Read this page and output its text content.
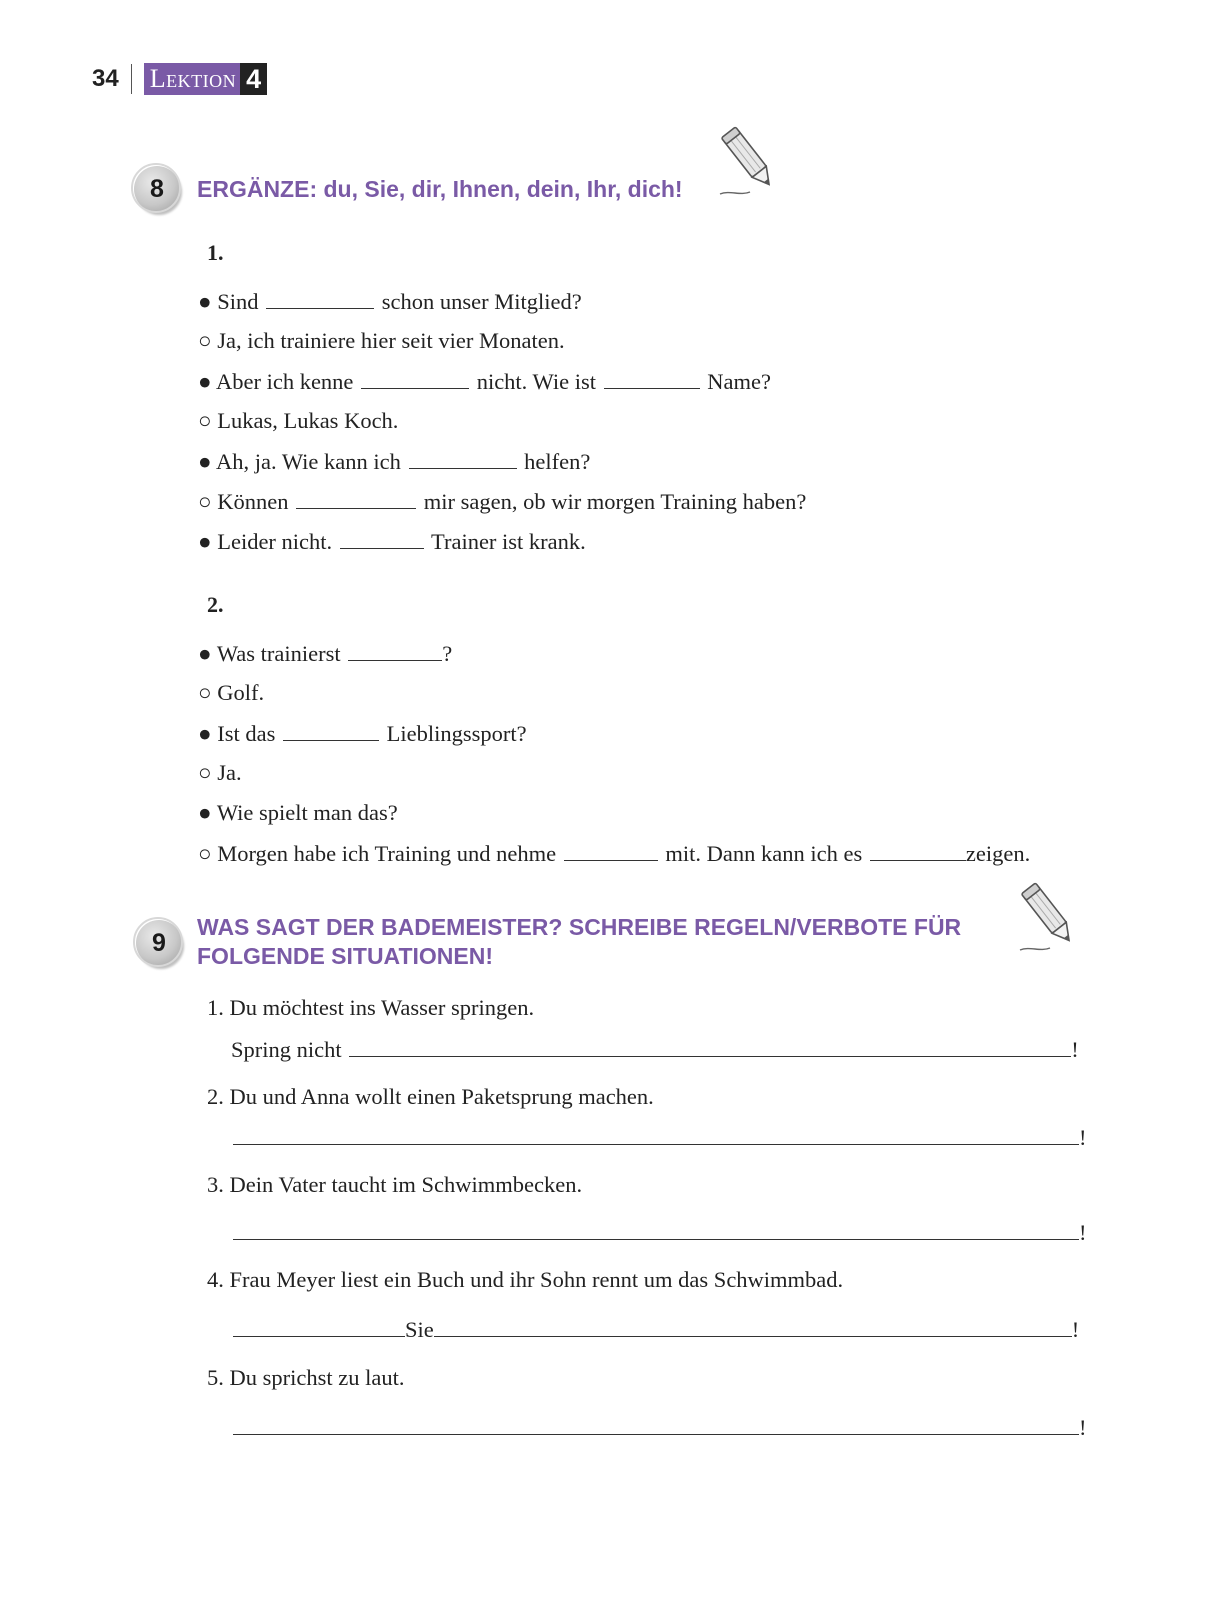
34 Lektion 4
8 ERGÄNZE: du, Sie, dir, Ihnen, dein, Ihr, dich!
1.
● Sind	schon unser Mitglied?
○ Ja, ich trainiere hier seit vier Monaten.
● Aber ich kenne	nicht. Wie ist	Name?
○ Lukas, Lukas Koch.
● Ah, ja. Wie kann ich	helfen?
○ Können	mir sagen, ob wir morgen Training haben?
● Leider nicht.	Trainer ist krank.
2.
● Was trainierst	?
○ Golf.
● Ist das	Lieblingssport?
○ Ja.
● Wie spielt man das?
○ Morgen habe ich Training und nehme	mit. Dann kann ich es	zeigen.
9
WAS SAGT DER BADEMEISTER? SCHREIBE REGELN/VERBOTE FÜR
FOLGENDE SITUATIONEN!
1. Du möchtest ins Wasser springen.
Spring nicht	!
2. Du und Anna wollt einen Paketsprung machen.
!
3. Dein Vater taucht im Schwimmbecken.
!
4. Frau Meyer liest ein Buch und ihr Sohn rennt um das Schwimmbad.
Sie	!
5. Du sprichst zu laut.
!
